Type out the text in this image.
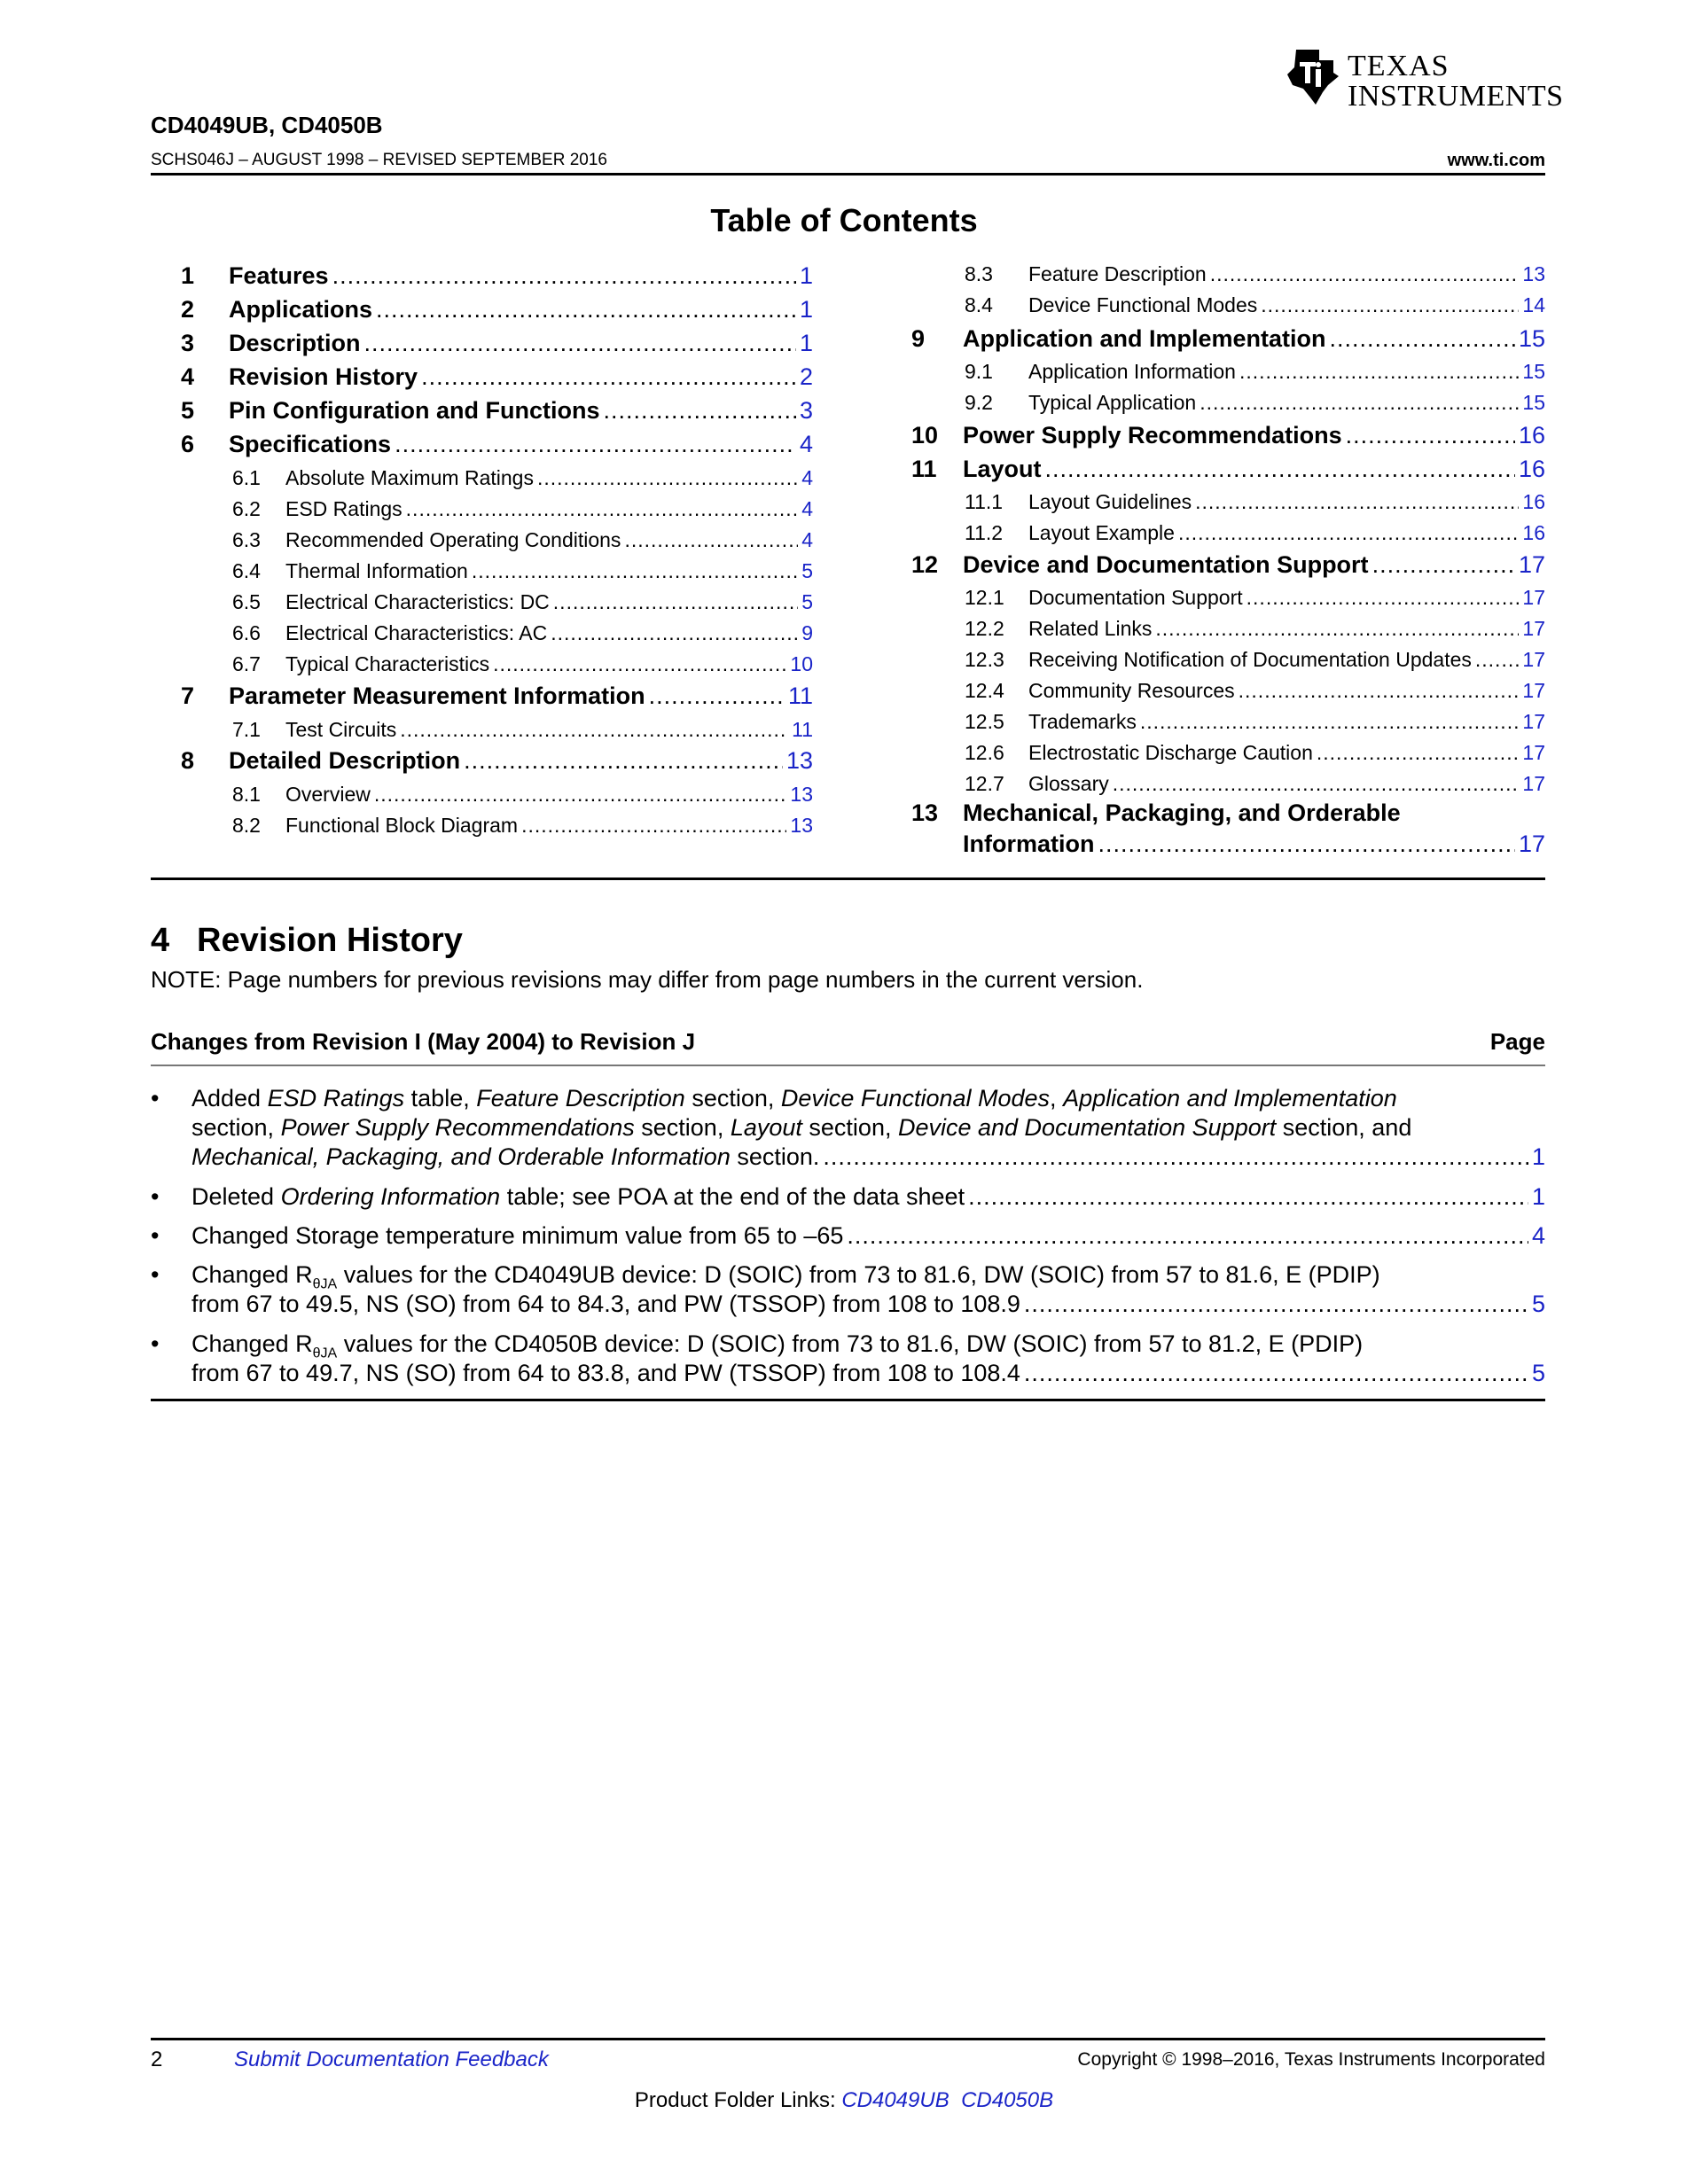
TEXAS
INSTRUMENTS
CD4049UB, CD4050B
SCHS046J – AUGUST 1998 – REVISED SEPTEMBER 2016	www.ti.com
Table of Contents
1	Features .....	1
2	Applications .....	1
3	Description .....	1
4	Revision History .....	2
5	Pin Configuration and Functions .....	3
6	Specifications .....	4
6.1	Absolute Maximum Ratings .....	4
6.2	ESD Ratings .....	4
6.3	Recommended Operating Conditions .....	4
6.4	Thermal Information .....	5
6.5	Electrical Characteristics: DC .....	5
6.6	Electrical Characteristics: AC .....	9
6.7	Typical Characteristics .....	10
7	Parameter Measurement Information .....	11
7.1	Test Circuits .....	11
8	Detailed Description .....	13
8.1	Overview .....	13
8.2	Functional Block Diagram .....	13
8.3	Feature Description .....	13
8.4	Device Functional Modes .....	14
9	Application and Implementation .....	15
9.1	Application Information .....	15
9.2	Typical Application .....	15
10	Power Supply Recommendations .....	16
11	Layout .....	16
11.1	Layout Guidelines .....	16
11.2	Layout Example .....	16
12	Device and Documentation Support .....	17
12.1	Documentation Support .....	17
12.2	Related Links .....	17
12.3	Receiving Notification of Documentation Updates .....	17
12.4	Community Resources .....	17
12.5	Trademarks .....	17
12.6	Electrostatic Discharge Caution .....	17
12.7	Glossary .....	17
13 Mechanical, Packaging, and Orderable
Information .....	17
4 Revision History
NOTE: Page numbers for previous revisions may differ from page numbers in the current version.
Changes from Revision I (May 2004) to Revision J	Page
• Added ESD Ratings table, Feature Description section, Device Functional Modes, Application and Implementation
section, Power Supply Recommendations section, Layout section, Device and Documentation Support section, and
Mechanical, Packaging, and Orderable Information section. .....	1
• Deleted Ordering Information table; see POA at the end of the data sheet .....	1
• Changed Storage temperature minimum value from 65 to –65 .....	4
• Changed $R_{\theta JA}$ values for the CD4049UB device: D (SOIC) from 73 to 81.6, DW (SOIC) from 57 to 81.6, E (PDIP)
from 67 to 49.5, NS (SO) from 64 to 84.3, and PW (TSSOP) from 108 to 108.9 .....	5
• Changed $R_{\theta JA}$ values for the CD4050B device: D (SOIC) from 73 to 81.6, DW (SOIC) from 57 to 81.2, E (PDIP)
from 67 to 49.7, NS (SO) from 64 to 83.8, and PW (TSSOP) from 108 to 108.4 .....	5
2	Submit Documentation Feedback	Copyright © 1998–2016, Texas Instruments Incorporated
Product Folder Links: CD4049UB CD4050B
